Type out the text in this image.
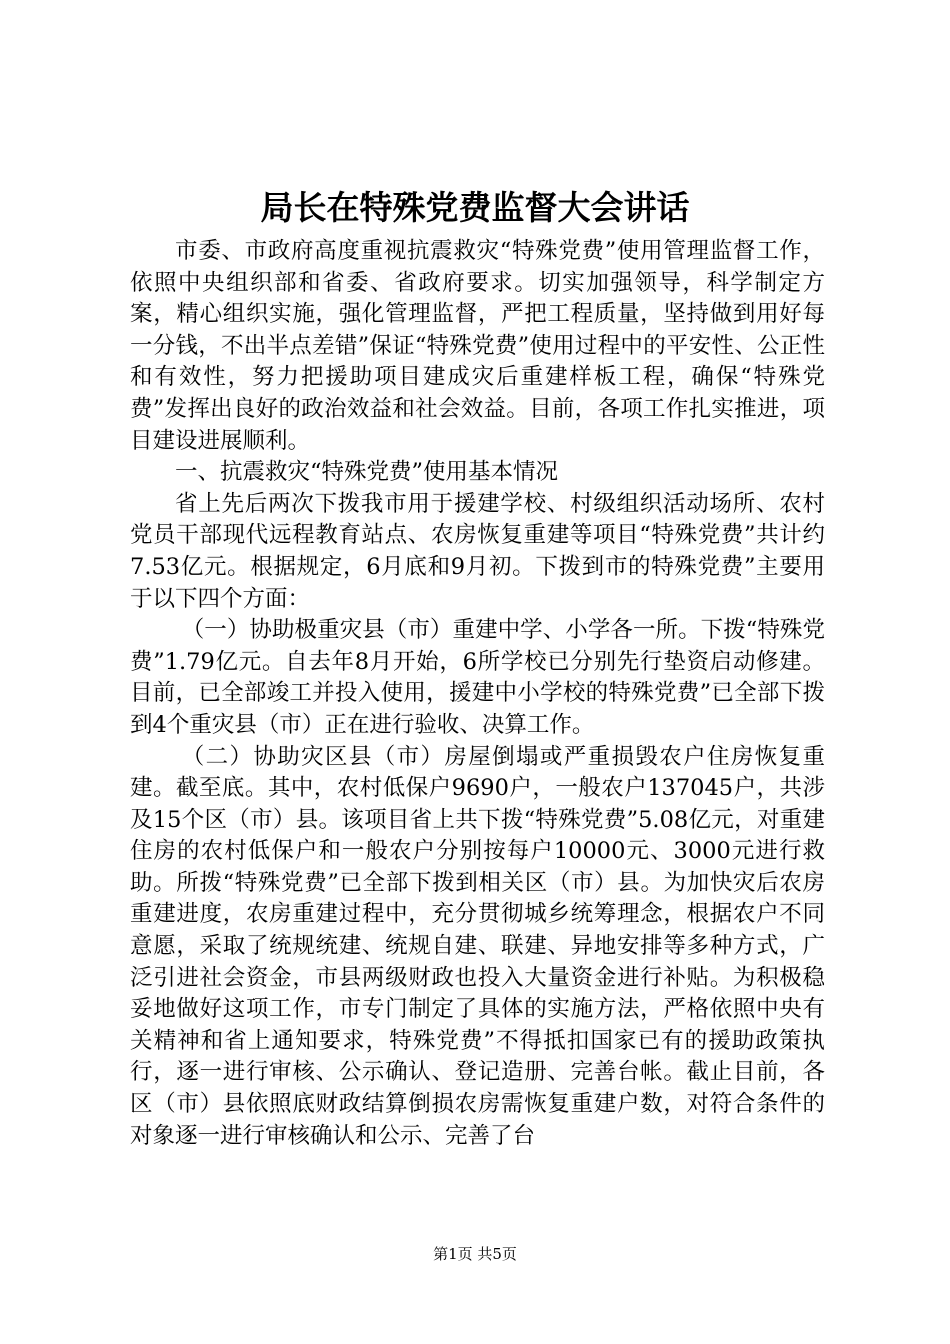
局长在特殊党费监督大会讲话

市委、市政府高度重视抗震救灾“特殊党费”使用管理监督工作，依照中央组织部和省委、省政府要求。切实加强领导，科学制定方案，精心组织实施，强化管理监督，严把工程质量，坚持做到用好每一分钱，不出半点差错”保证“特殊党费”使用过程中的平安性、公正性和有效性，努力把援助项目建成灾后重建样板工程，确保“特殊党费”发挥出良好的政治效益和社会效益。目前，各项工作扎实推进，项目建设进展顺利。

一、抗震救灾“特殊党费”使用基本情况

省上先后两次下拨我市用于援建学校、村级组织活动场所、农村党员干部现代远程教育站点、农房恢复重建等项目“特殊党费”共计约7.53亿元。根据规定，6月底和9月初。下拨到市的特殊党费”主要用于以下四个方面：

（一）协助极重灾县（市）重建中学、小学各一所。下拨“特殊党费”1.79亿元。自去年8月开始，6所学校已分别先行垫资启动修建。目前，已全部竣工并投入使用，援建中小学校的特殊党费”已全部下拨到4个重灾县（市）正在进行验收、决算工作。

（二）协助灾区县（市）房屋倒塌或严重损毁农户住房恢复重建。截至底。其中，农村低保户9690户，一般农户137045户，共涉及15个区（市）县。该项目省上共下拨“特殊党费”5.08亿元，对重建住房的农村低保户和一般农户分别按每户10000元、3000元进行救助。所拨“特殊党费”已全部下拨到相关区（市）县。为加快灾后农房重建进度，农房重建过程中，充分贯彻城乡统筹理念，根据农户不同意愿，采取了统规统建、统规自建、联建、异地安排等多种方式，广泛引进社会资金，市县两级财政也投入大量资金进行补贴。为积极稳妥地做好这项工作，市专门制定了具体的实施方法，严格依照中央有关精神和省上通知要求，特殊党费”不得抵扣国家已有的援助政策执行，逐一进行审核、公示确认、登记造册、完善台帐。截止目前，各区（市）县依照底财政结算倒损农房需恢复重建户数，对符合条件的对象逐一进行审核确认和公示、完善了台

第1页 共5页
